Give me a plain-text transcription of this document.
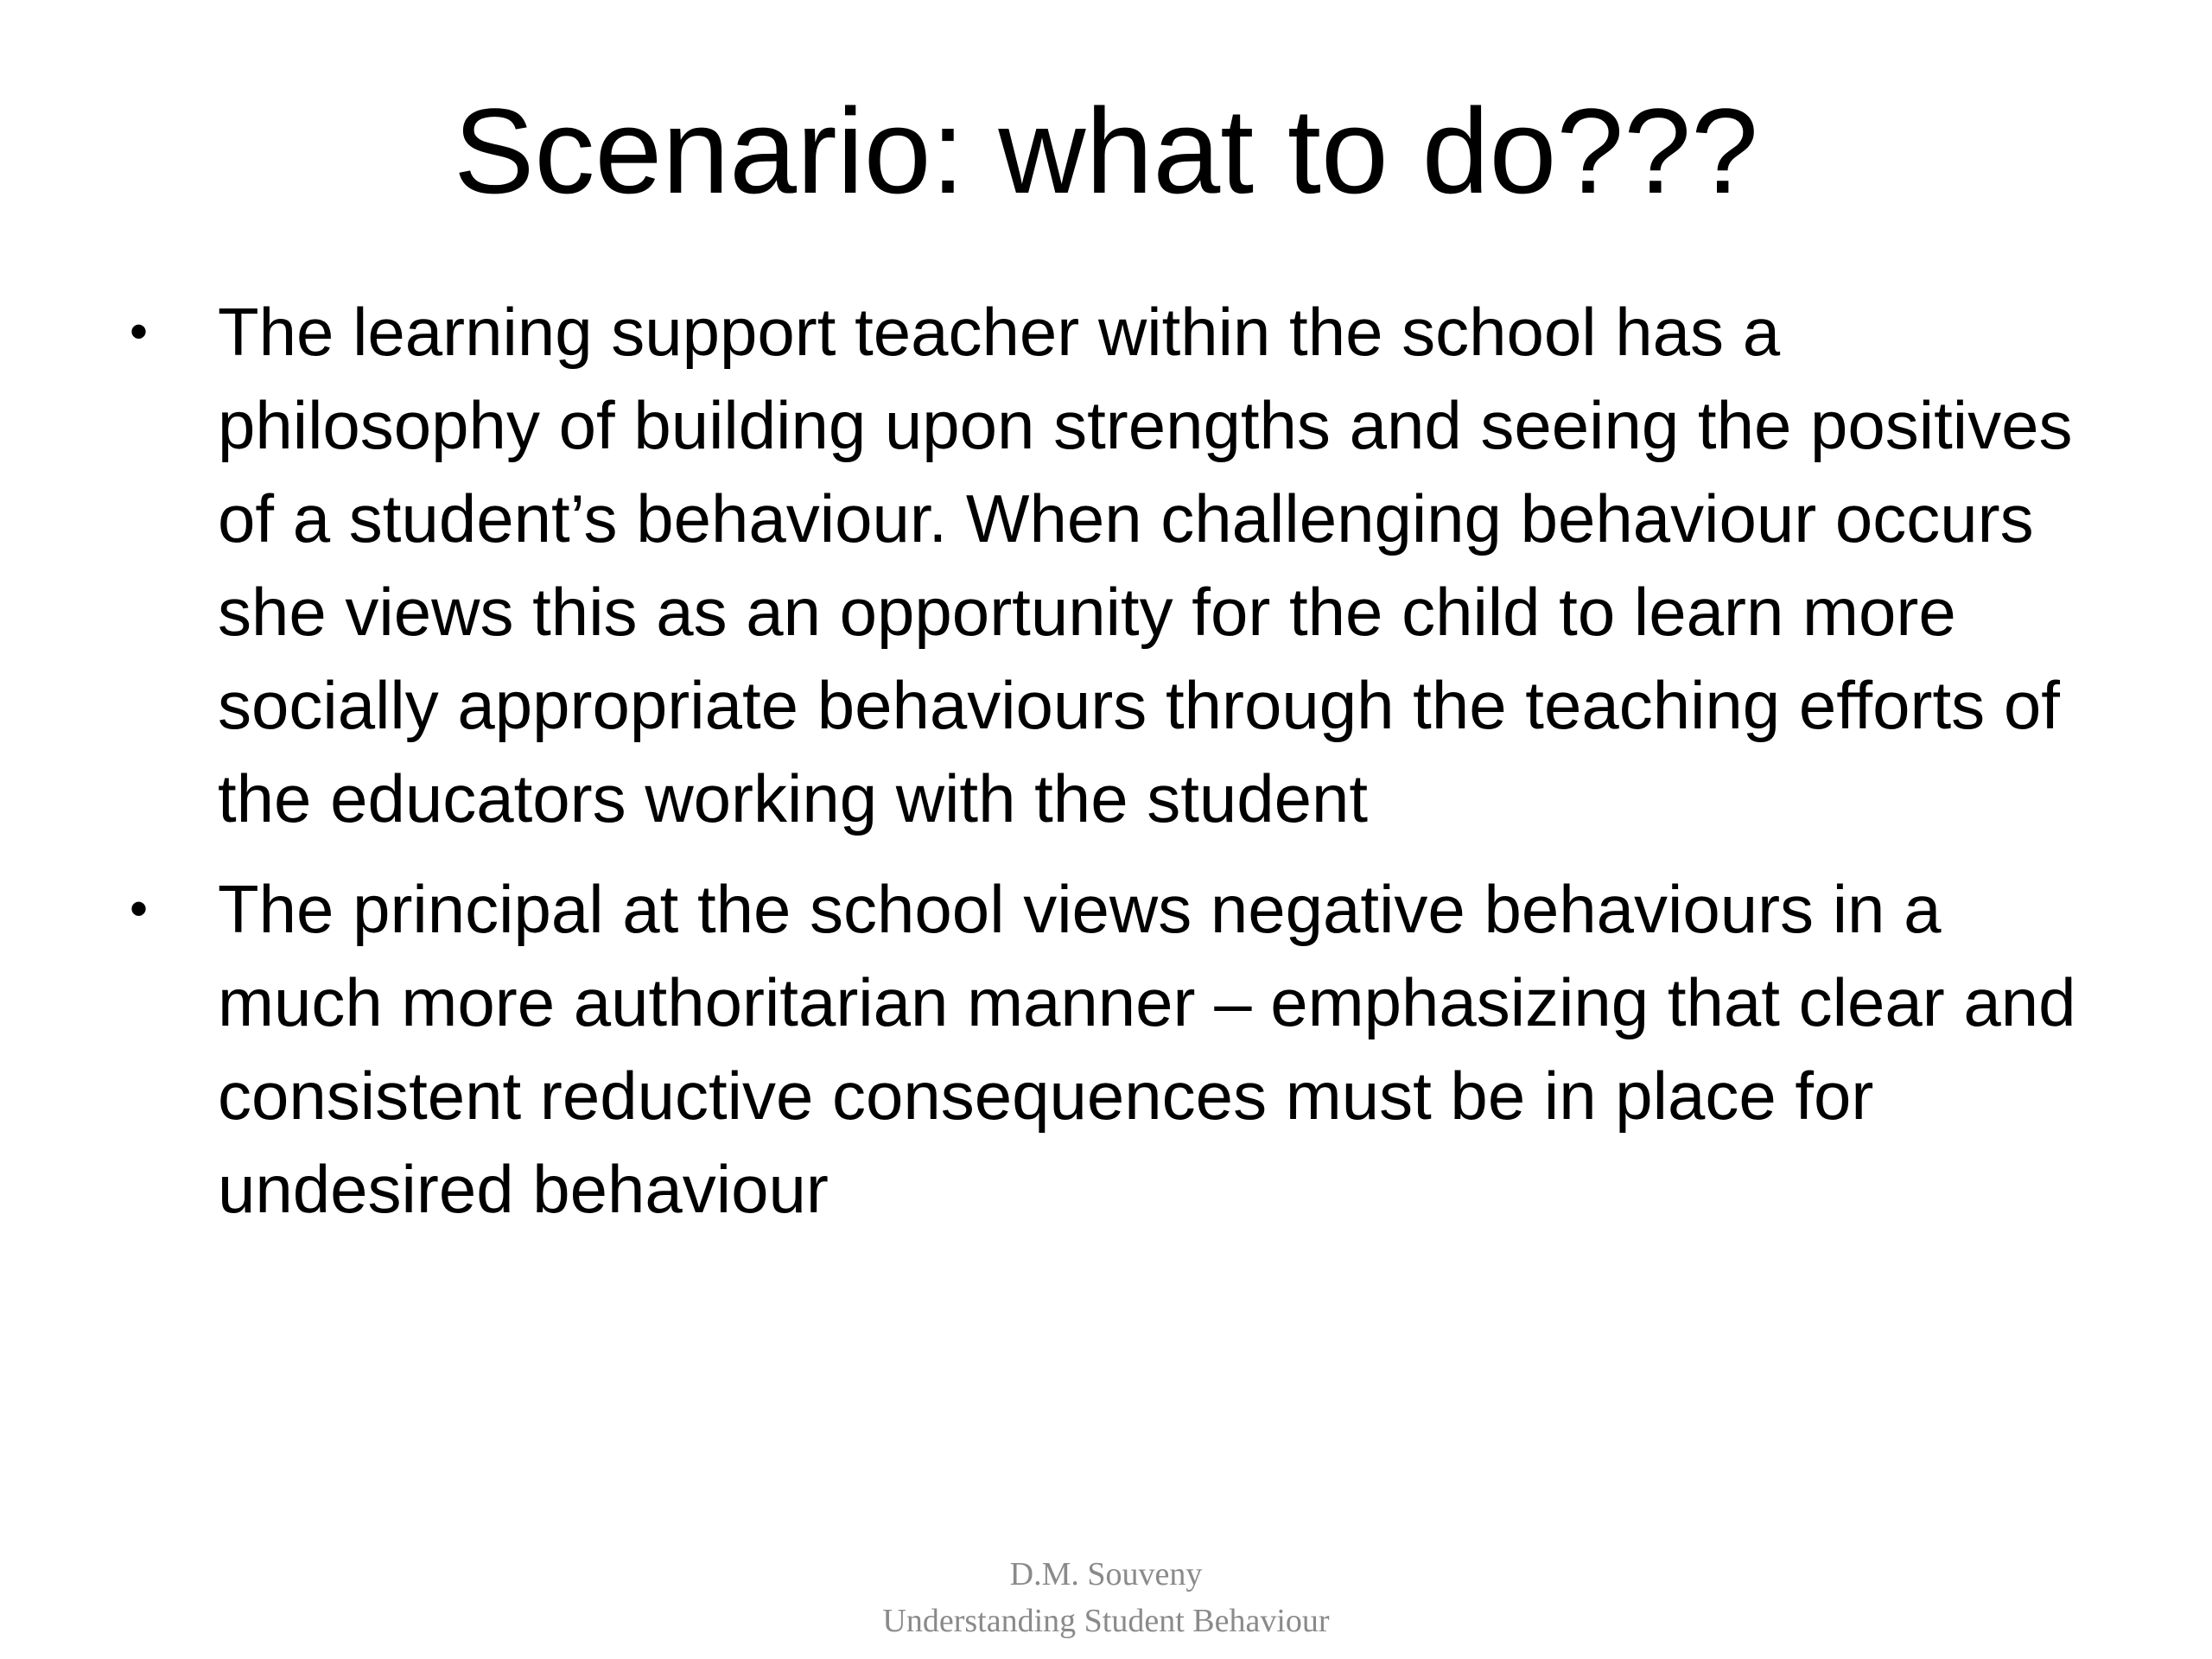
Scenario: what to do???
•	The learning support teacher within the school has a philosophy of building upon strengths and seeing the positives of a student’s behaviour. When challenging behaviour occurs she views this as an opportunity for the child to learn more socially appropriate behaviours through the teaching efforts of the educators working with the student
•	The principal at the school views negative behaviours in a much more authoritarian manner – emphasizing that clear and consistent reductive consequences must be in place for undesired behaviour
D.M. Souveny
Understanding Student Behaviour
